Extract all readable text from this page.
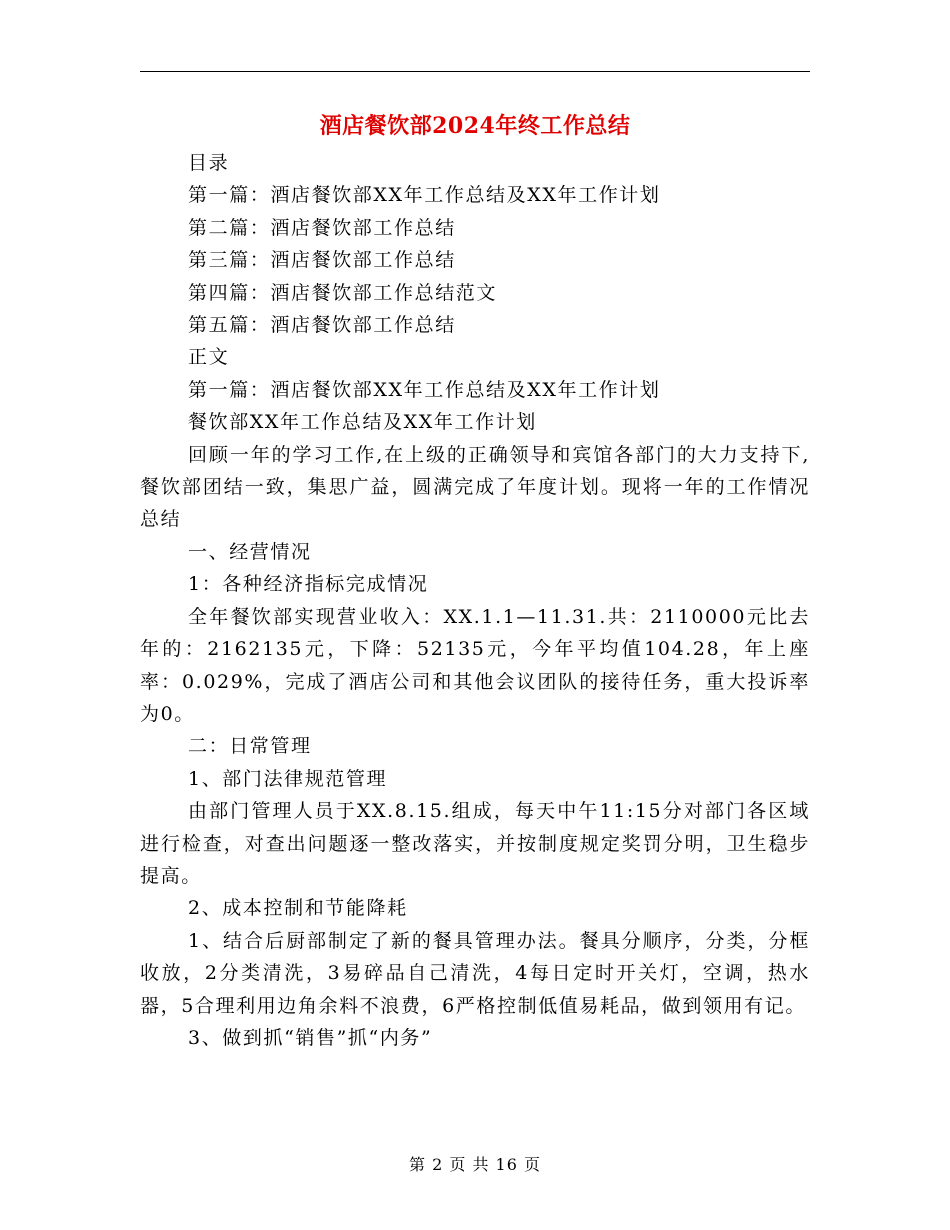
酒店餐饮部2024年终工作总结

目录

第一篇：酒店餐饮部XX年工作总结及XX年工作计划

第二篇：酒店餐饮部工作总结

第三篇：酒店餐饮部工作总结

第四篇：酒店餐饮部工作总结范文

第五篇：酒店餐饮部工作总结

正文

第一篇：酒店餐饮部XX年工作总结及XX年工作计划

餐饮部XX年工作总结及XX年工作计划

回顾一年的学习工作,在上级的正确领导和宾馆各部门的大力支持下,餐饮部团结一致，集思广益，圆满完成了年度计划。现将一年的工作情况总结

一、经营情况

1：各种经济指标完成情况

全年餐饮部实现营业收入：XX.1.1—11.31.共：2110000元比去年的：2162135元，下降：52135元，今年平均值104.28，年上座率：0.029%，完成了酒店公司和其他会议团队的接待任务，重大投诉率为0。

二：日常管理

1、部门法律规范管理

由部门管理人员于XX.8.15.组成，每天中午11:15分对部门各区域进行检查，对查出问题逐一整改落实，并按制度规定奖罚分明，卫生稳步提高。

2、成本控制和节能降耗

1、结合后厨部制定了新的餐具管理办法。餐具分顺序，分类，分框收放，2分类清洗，3易碎品自己清洗，4每日定时开关灯，空调，热水器，5合理利用边角余料不浪费，6严格控制低值易耗品，做到领用有记。

3、做到抓“销售”抓“内务”

第 2 页 共 16 页
